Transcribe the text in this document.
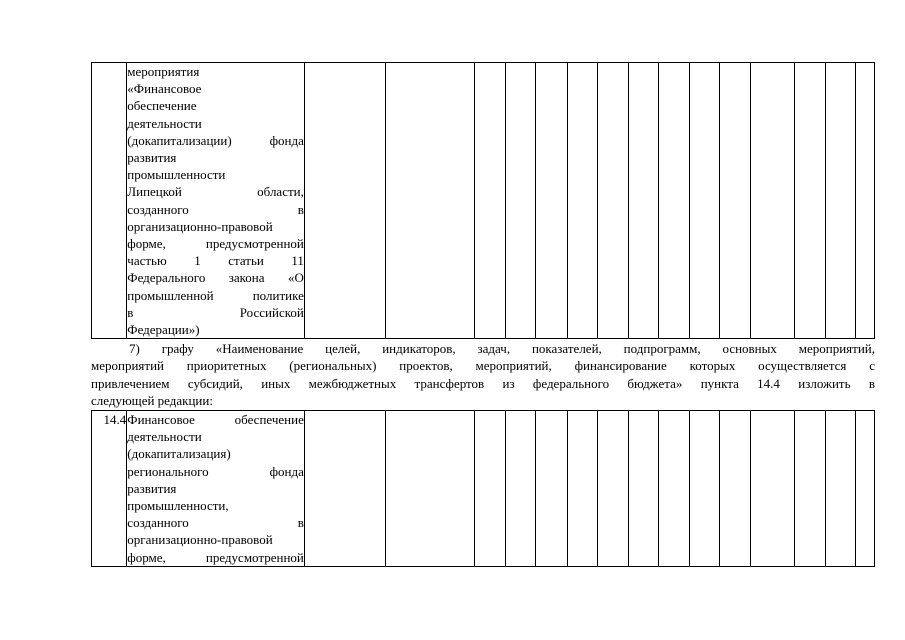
мероприятия
«Финансовое
обеспечение
деятельности
(докапитализации) фонда
развития
промышленности
Липецкой области,
созданного в
организационно-правовой
форме, предусмотренной
частью 1 статьи 11
Федерального закона «О
промышленной политике
в Российской
Федерации»)

7) графу «Наименование целей, индикаторов, задач, показателей, подпрограмм, основных мероприятий,
мероприятий приоритетных (региональных) проектов, мероприятий, финансирование которых осуществляется с
привлечением субсидий, иных межбюджетных трансфертов из федерального бюджета» пункта 14.4 изложить в
следующей редакции:
14.4	Финансовое обеспечение
деятельности
(докапитализация)
регионального фонда
развития
промышленности,
созданного в
организационно-правовой
форме, предусмотренной
